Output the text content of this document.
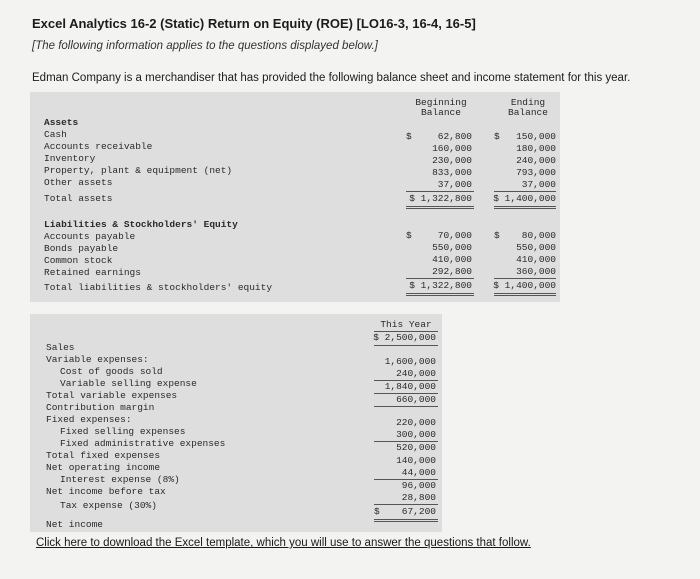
Excel Analytics 16-2 (Static) Return on Equity (ROE) [LO16-3, 16-4, 16-5]
[The following information applies to the questions displayed below.]
Edman Company is a merchandiser that has provided the following balance sheet and income statement for this year.
Beginning Balance
Ending Balance
Assets
Cash
Accounts receivable
Inventory
Property, plant & equipment (net)
Other assets
Total assets
$	62,800
160,000
230,000
833,000
37,000
$ 1,322,800
$ 150,000
180,000
240,000
793,000
37,000
$ 1,400,000
Liabilities & Stockholders' Equity
Accounts payable
Bonds payable
Common stock
Retained earnings
Total liabilities & stockholders' equity
$	70,000
550,000
410,000
292,800
$ 1,322,800
$ 80,000
550,000
410,000
360,000
$ 1,400,000
This Year
Sales
Variable expenses:
Cost of goods sold
Variable selling expense
Total variable expenses
Contribution margin
Fixed expenses:
Fixed selling expenses
Fixed administrative expenses
Total fixed expenses
Net operating income
Interest expense (8%)
Net income before tax
Tax expense (30%)
Net income
$ 2,500,000
1,600,000
240,000
1,840,000
660,000
220,000
300,000
520,000
140,000
44,000
96,000
28,800
$ 67,200
Click here to download the Excel template, which you will use to answer the questions that follow.
